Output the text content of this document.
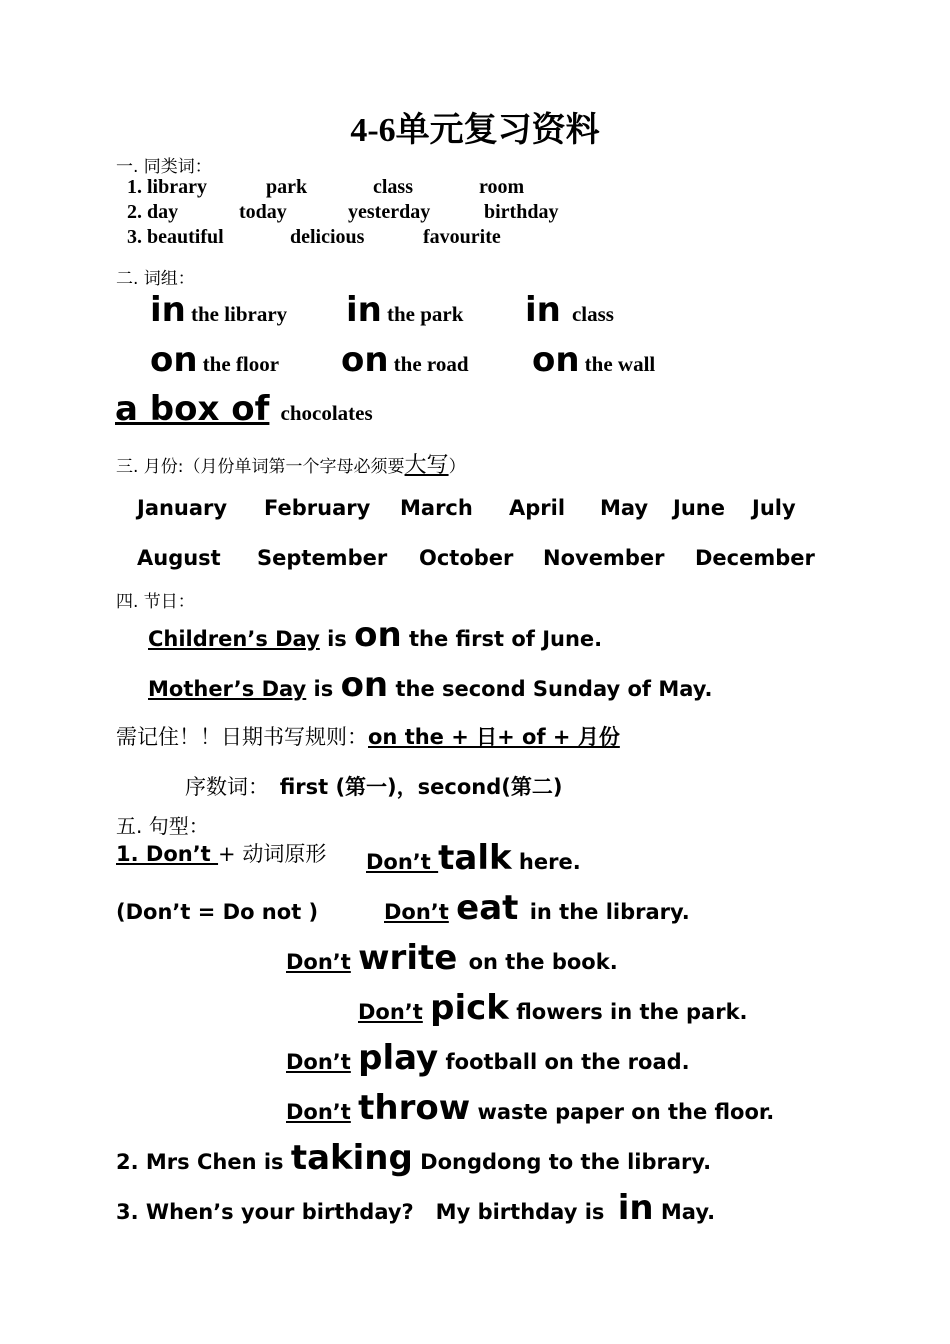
4-6单元复习资料
一. 同类词：
1. library	park	class	room
2. day	today	yesterday	birthday
3. beautiful	delicious	favourite
二. 词组：
in the library in the park in class
on the floor on the road on the wall
a box of chocolates
三. 月份:（月份单词第一个字母必须要大写）
January February March April May June July
August September October November December
四. 节日：
Children’s Day is on the first of June.
Mother’s Day is on the second Sunday of May.
需记住！！日期书写规则：on the + 日+ of + 月份
序数词： first (第一)，second(第二)
五. 句型：
1. Don’t + 动词原形 Don’t talk here.
(Don’t = Do not )	Don’t eat in the library.
Don’t write on the book.
Don’t pick flowers in the park.
Don’t play football on the road.
Don’t throw waste paper on the floor.
2. Mrs Chen is taking Dongdong to the library.
3. When’s your birthday?   My birthday is in May.
